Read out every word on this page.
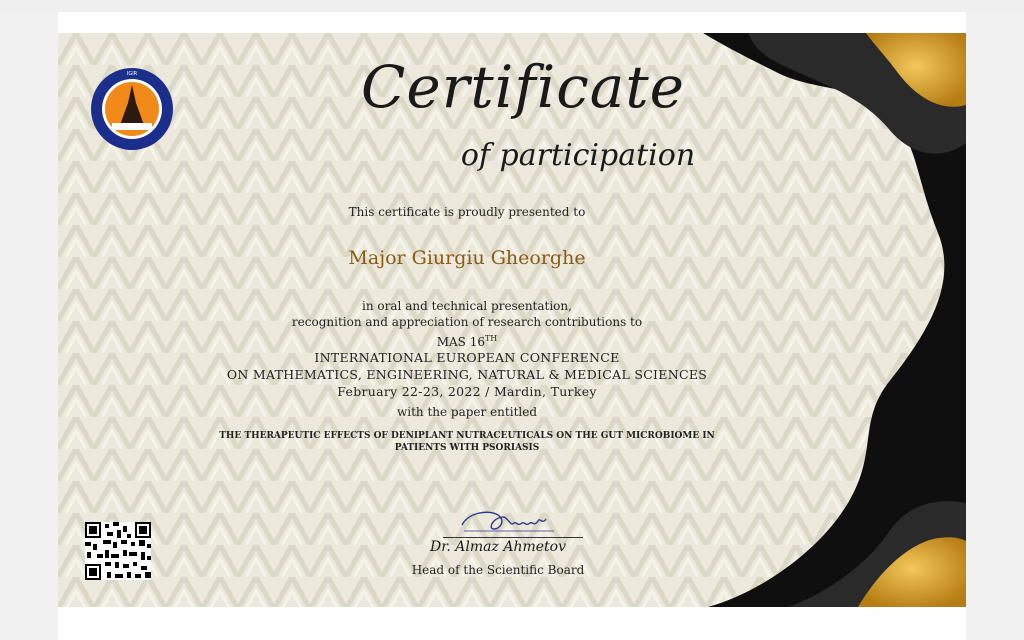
IGIR	Certificate
of participation
This certificate is proudly presented to
Major Giurgiu Gheorghe
in oral and technical presentation,
recognition and appreciation of research contributions to
MAS 16TH
INTERNATIONAL EUROPEAN CONFERENCE
ON MATHEMATICS, ENGINEERING, NATURAL & MEDICAL SCIENCES
February 22-23, 2022 / Mardin, Turkey
with the paper entitled
THE THERAPEUTIC EFFECTS OF DENIPLANT NUTRACEUTICALS ON THE GUT MICROBIOME IN
PATIENTS WITH PSORIASIS
Dr. Almaz Ahmetov
Head of the Scientific Board
